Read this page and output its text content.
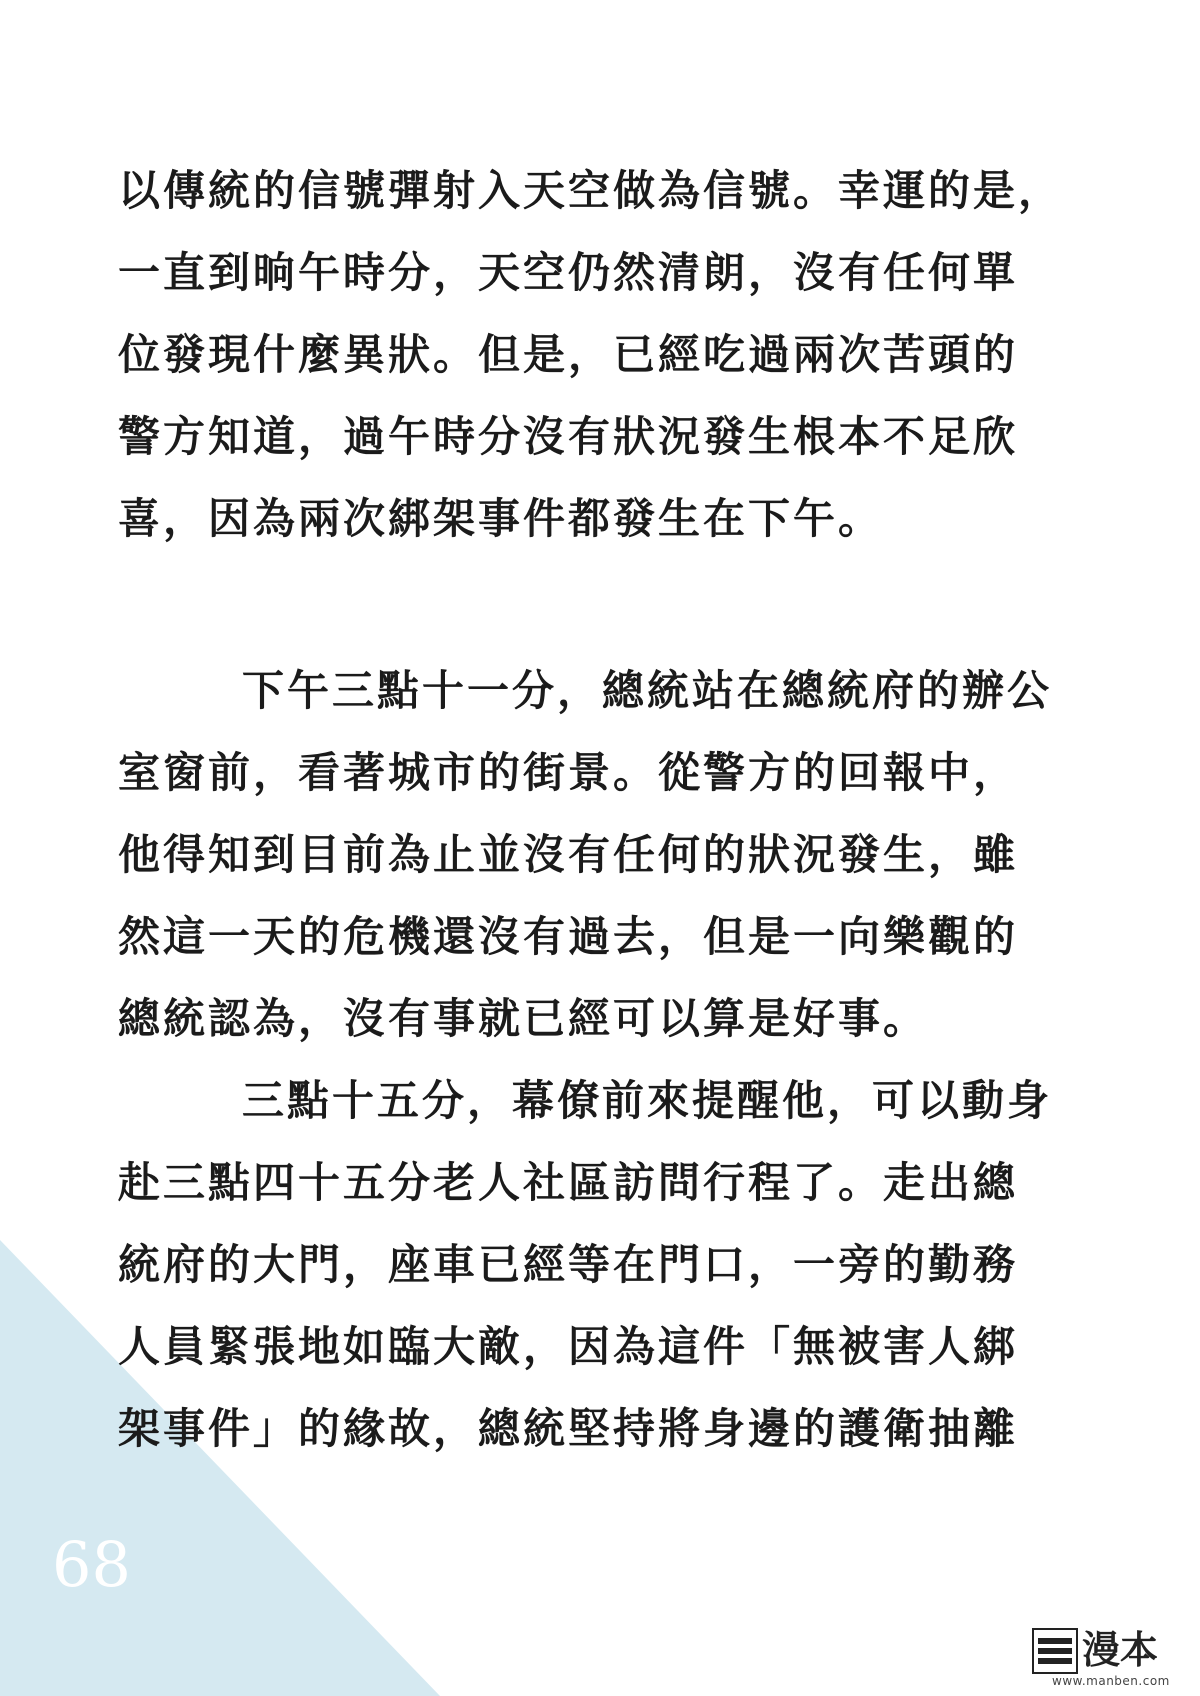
以傳統的信號彈射入天空做為信號。幸運的是，
一直到晌午時分，天空仍然清朗，沒有任何單
位發現什麼異狀。但是，已經吃過兩次苦頭的
警方知道，過午時分沒有狀況發生根本不足欣
喜，因為兩次綁架事件都發生在下午。
下午三點十一分，總統站在總統府的辦公
室窗前，看著城市的街景。從警方的回報中，
他得知到目前為止並沒有任何的狀況發生，雖
然這一天的危機還沒有過去，但是一向樂觀的
總統認為，沒有事就已經可以算是好事。
三點十五分，幕僚前來提醒他，可以動身
赴三點四十五分老人社區訪問行程了。走出總
統府的大門，座車已經等在門口，一旁的勤務
人員緊張地如臨大敵，因為這件「無被害人綁
架事件」的緣故，總統堅持將身邊的護衛抽離
68
漫本
www.manben.com
